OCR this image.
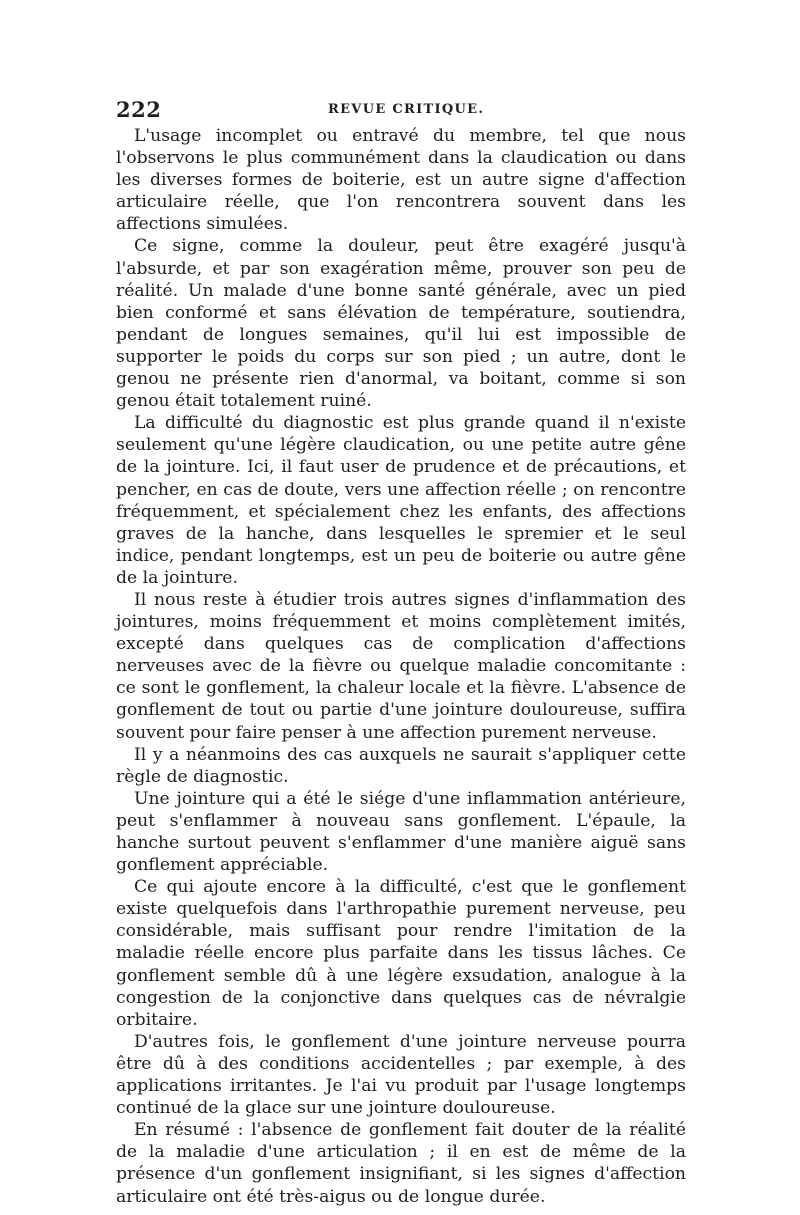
222	REVUE CRITIQUE.

L'usage incomplet ou entravé du membre, tel que nous l'observons le plus communément dans la claudication ou dans les diverses formes de boiterie, est un autre signe d'affection articulaire réelle, que l'on rencontrera souvent dans les affections simulées.

Ce signe, comme la douleur, peut être exagéré jusqu'à l'absurde, et par son exagération même, prouver son peu de réalité. Un malade d'une bonne santé générale, avec un pied bien conformé et sans élévation de température, soutiendra, pendant de longues semaines, qu'il lui est impossible de supporter le poids du corps sur son pied ; un autre, dont le genou ne présente rien d'anormal, va boitant, comme si son genou était totalement ruiné.

La difficulté du diagnostic est plus grande quand il n'existe seulement qu'une légère claudication, ou une petite autre gêne de la jointure. Ici, il faut user de prudence et de précautions, et pencher, en cas de doute, vers une affection réelle ; on rencontre fréquemment, et spécialement chez les enfants, des affections graves de la hanche, dans lesquelles le spremier et le seul indice, pendant longtemps, est un peu de boiterie ou autre gêne de la jointure.

Il nous reste à étudier trois autres signes d'inflammation des jointures, moins fréquemment et moins complètement imités, excepté dans quelques cas de complication d'affections nerveuses avec de la fièvre ou quelque maladie concomitante : ce sont le gonflement, la chaleur locale et la fièvre. L'absence de gonflement de tout ou partie d'une jointure douloureuse, suffira souvent pour faire penser à une affection purement nerveuse.

Il y a néanmoins des cas auxquels ne saurait s'appliquer cette règle de diagnostic.

Une jointure qui a été le siége d'une inflammation antérieure, peut s'enflammer à nouveau sans gonflement. L'épaule, la hanche surtout peuvent s'enflammer d'une manière aiguë sans gonflement appréciable.

Ce qui ajoute encore à la difficulté, c'est que le gonflement existe quelquefois dans l'arthropathie purement nerveuse, peu considérable, mais suffisant pour rendre l'imitation de la maladie réelle encore plus parfaite dans les tissus lâches. Ce gonflement semble dû à une légère exsudation, analogue à la congestion de la conjonctive dans quelques cas de névralgie orbitaire.

D'autres fois, le gonflement d'une jointure nerveuse pourra être dû à des conditions accidentelles ; par exemple, à des applications irritantes. Je l'ai vu produit par l'usage longtemps continué de la glace sur une jointure douloureuse.

En résumé : l'absence de gonflement fait douter de la réalité de la maladie d'une articulation ; il en est de même de la présence d'un gonflement insignifiant, si les signes d'affection articulaire ont été très-aigus ou de longue durée.
